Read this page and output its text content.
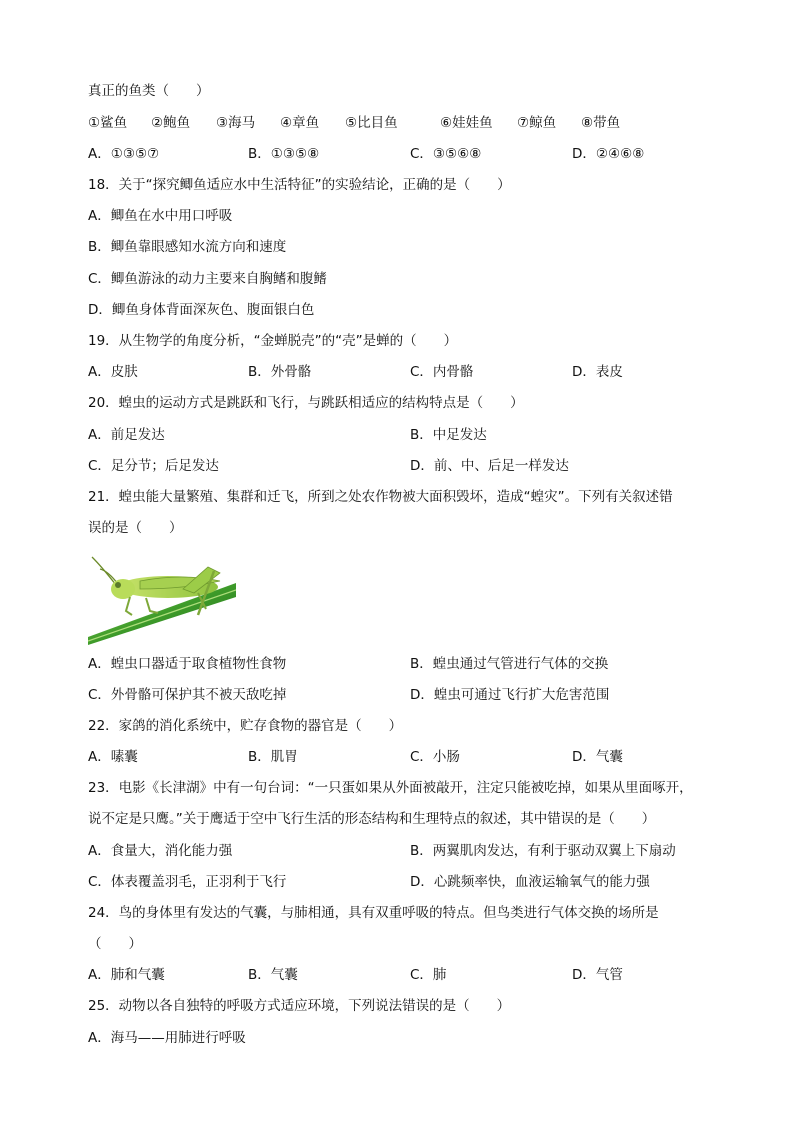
真正的鱼类（　　）
①鲨鱼 ②鲍鱼 ③海马 ④章鱼 ⑤比目鱼	⑥娃娃鱼 ⑦鲸鱼 ⑧带鱼
A．①③⑤⑦	B．①③⑤⑧	C．③⑤⑥⑧	D．②④⑥⑧
18．关于“探究鲫鱼适应水中生活特征”的实验结论，正确的是（　　）
A．鲫鱼在水中用口呼吸
B．鲫鱼靠眼感知水流方向和速度
C．鲫鱼游泳的动力主要来自胸鳍和腹鳍
D．鲫鱼身体背面深灰色、腹面银白色
19．从生物学的角度分析，“金蝉脱壳”的“壳”是蝉的（　　）
A．皮肤	B．外骨骼	C．内骨骼	D．表皮
20．蝗虫的运动方式是跳跃和飞行，与跳跃相适应的结构特点是（　　）
A．前足发达	B．中足发达
C．足分节；后足发达	D．前、中、后足一样发达
21．蝗虫能大量繁殖、集群和迁飞，所到之处农作物被大面积毁坏，造成“蝗灾”。下列有关叙述错
误的是（　　）
A．蝗虫口器适于取食植物性食物	B．蝗虫通过气管进行气体的交换
C．外骨骼可保护其不被天敌吃掉	D．蝗虫可通过飞行扩大危害范围
22．家鸽的消化系统中，贮存食物的器官是（　　）
A．嗉囊	B．肌胃	C．小肠	D．气囊
23．电影《长津湖》中有一句台词：“一只蛋如果从外面被敲开，注定只能被吃掉，如果从里面啄开，
说不定是只鹰。”关于鹰适于空中飞行生活的形态结构和生理特点的叙述，其中错误的是（　　）
A．食量大，消化能力强	B．两翼肌肉发达，有利于驱动双翼上下扇动
C．体表覆盖羽毛，正羽利于飞行	D．心跳频率快，血液运输氧气的能力强
24．鸟的身体里有发达的气囊，与肺相通，具有双重呼吸的特点。但鸟类进行气体交换的场所是
（　　）
A．肺和气囊	B．气囊	C．肺	D．气管
25．动物以各自独特的呼吸方式适应环境，下列说法错误的是（　　）
A．海马——用肺进行呼吸
